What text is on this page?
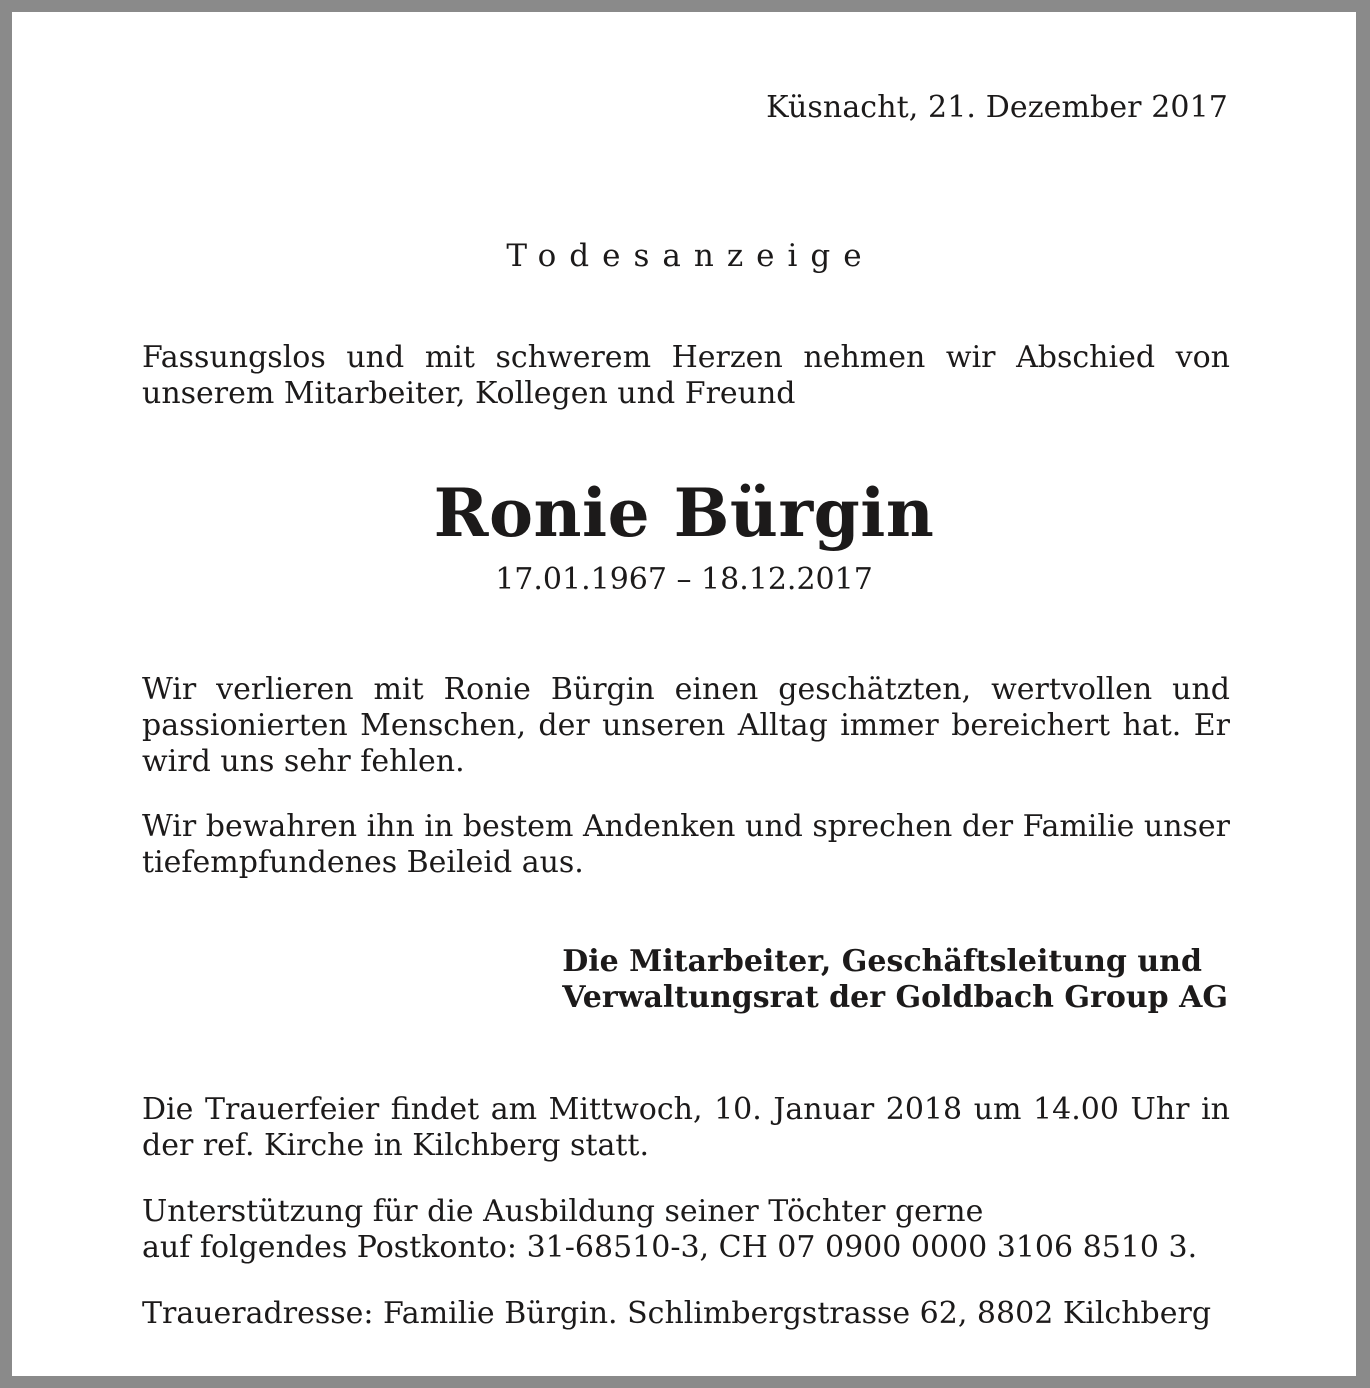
Küsnacht, 21. Dezember 2017
Todesanzeige
Fassungslos und mit schwerem Herzen nehmen wir Abschied von unserem Mitarbeiter, Kollegen und Freund
Ronie Bürgin
17.01.1967 – 18.12.2017
Wir verlieren mit Ronie Bürgin einen geschätzten, wertvollen und passionierten Menschen, der unseren Alltag immer bereichert hat. Er wird uns sehr fehlen.
Wir bewahren ihn in bestem Andenken und sprechen der Familie unser tiefempfundenes Beileid aus.
Die Mitarbeiter, Geschäftsleitung und
Verwaltungsrat der Goldbach Group AG
Die Trauerfeier findet am Mittwoch, 10. Januar 2018 um 14.00 Uhr in der ref. Kirche in Kilchberg statt.
Unterstützung für die Ausbildung seiner Töchter gerne
auf folgendes Postkonto: 31-68510-3, CH 07 0900 0000 3106 8510 3.
Traueradresse: Familie Bürgin. Schlimbergstrasse 62, 8802 Kilchberg
